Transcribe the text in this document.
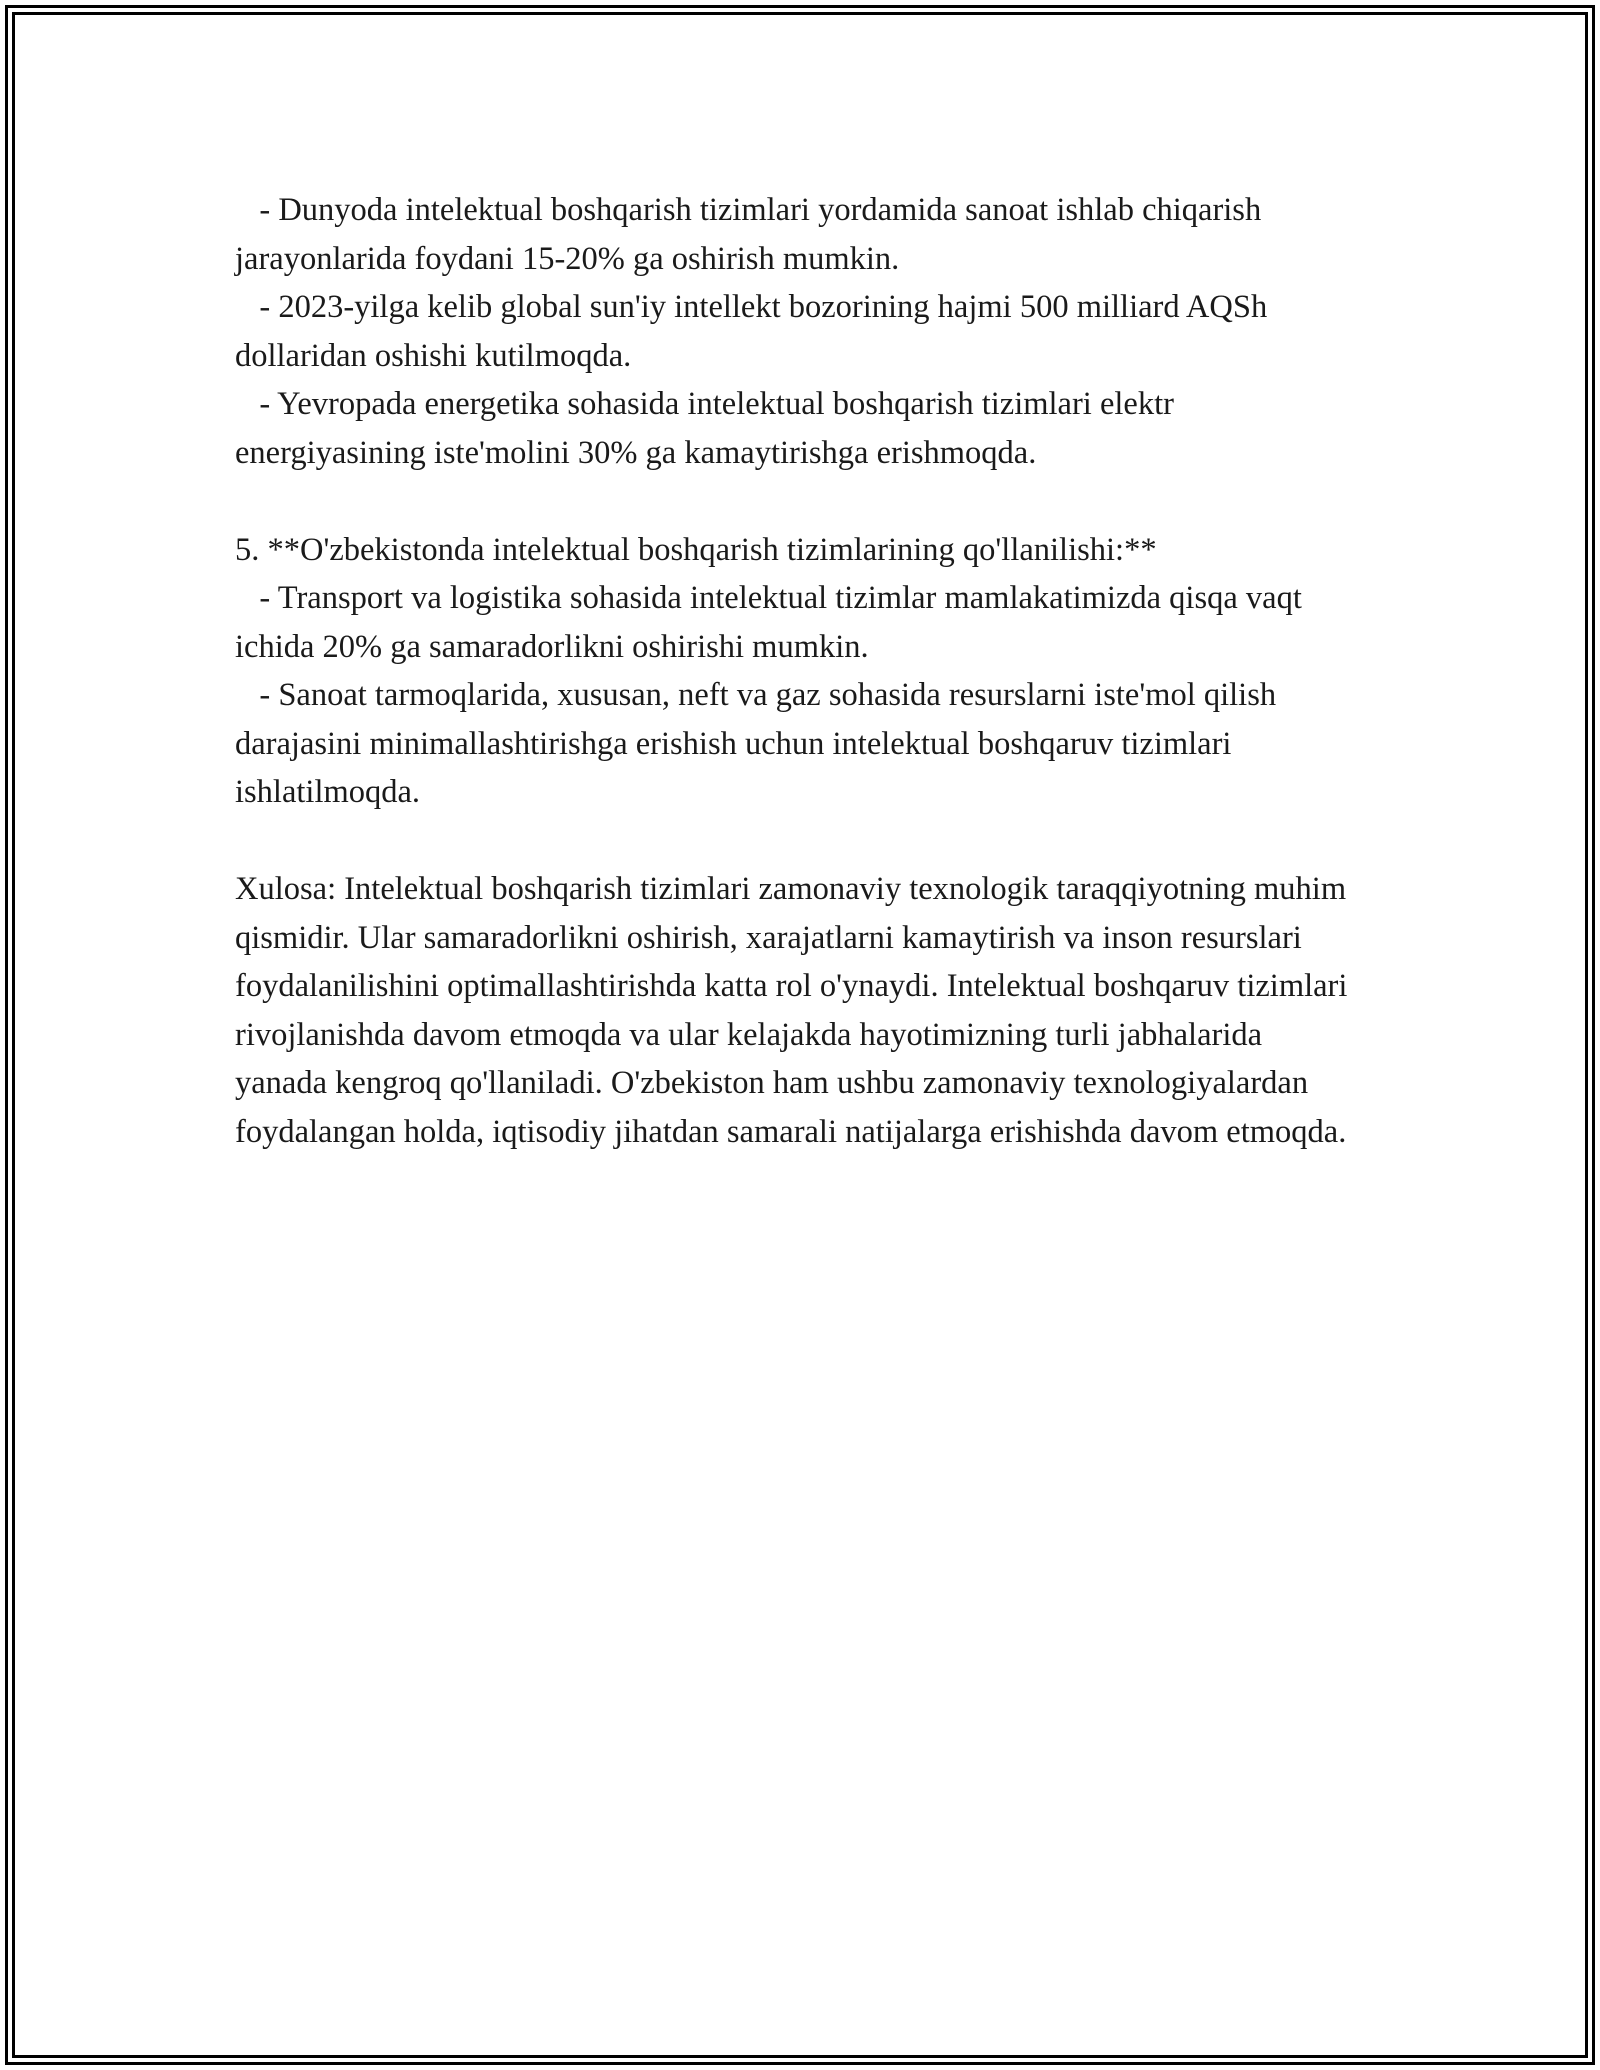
- Dunyoda intelektual boshqarish tizimlari yordamida sanoat ishlab chiqarish jarayonlarida foydani 15-20% ga oshirish mumkin.

- 2023-yilga kelib global sun'iy intellekt bozorining hajmi 500 milliard AQSh dollaridan oshishi kutilmoqda.

- Yevropada energetika sohasida intelektual boshqarish tizimlari elektr energiyasining iste'molini 30% ga kamaytirishga erishmoqda.

5. **O'zbekistonda intelektual boshqarish tizimlarining qo'llanilishi:**

- Transport va logistika sohasida intelektual tizimlar mamlakatimizda qisqa vaqt ichida 20% ga samaradorlikni oshirishi mumkin.

- Sanoat tarmoqlarida, xususan, neft va gaz sohasida resurslarni iste'mol qilish darajasini minimallashtirishga erishish uchun intelektual boshqaruv tizimlari ishlatilmoqda.

Xulosa: Intelektual boshqarish tizimlari zamonaviy texnologik taraqqiyotning muhim qismidir. Ular samaradorlikni oshirish, xarajatlarni kamaytirish va inson resurslari foydalanilishini optimallashtirishda katta rol o'ynaydi. Intelektual boshqaruv tizimlari rivojlanishda davom etmoqda va ular kelajakda hayotimizning turli jabhalarida yanada kengroq qo'llaniladi. O'zbekiston ham ushbu zamonaviy texnologiyalardan foydalangan holda, iqtisodiy jihatdan samarali natijalarga erishishda davom etmoqda.
